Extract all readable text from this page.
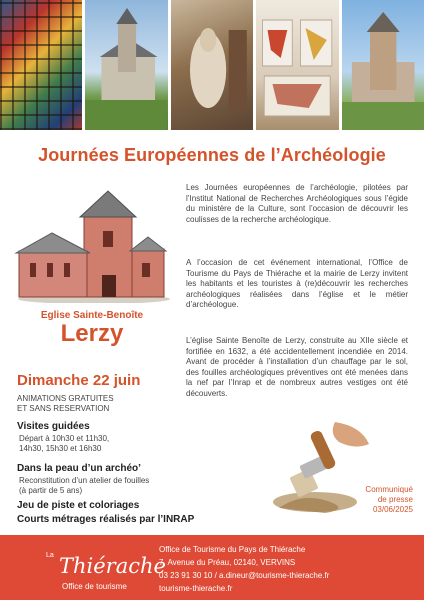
Journées Européennes de l’Archéologie
Eglise Sainte-Benoîte
Lerzy
Dimanche 22 juin
ANIMATIONS GRATUITES
ET SANS RESERVATION
Visites guidées
Départ à 10h30 et 11h30,
14h30, 15h30 et 16h30
Dans la peau d’un archéo’
Reconstitution d’un atelier de fouilles
(à partir de 5 ans)
Jeu de piste et coloriages
Courts métrages réalisés par l’INRAP
Les Journées européennes de l’archéologie, pilotées par l’Institut National de Recherches Archéologiques sous l’égide du ministère de la Culture, sont l’occasion de découvrir les coulisses de la recherche archéologique.
A l’occasion de cet événement international, l’Office de Tourisme du Pays de Thiérache et la mairie de Lerzy invitent les habitants et les touristes à (re)découvrir les recherches archéologiques réalisées dans l’église et le métier d’archéologue.
L’église Sainte Benoîte de Lerzy, construite au XIIe siècle et fortifiée en 1632, a été accidentellement incendiée en 2014. Avant de procéder à l’installation d’un chauffage par le sol, des fouilles archéologiques préventives ont été menées dans la nef par l’Inrap et de nombreux autres vestiges ont été découverts.
Communiqué
de presse
03/06/2025
La Thiérache
Office de tourisme
Office de Tourisme du Pays de Thiérache
7, Avenue du Préau, 02140, VERVINS
03 23 91 30 10 / a.dineur@tourisme-thierache.fr
tourisme-thierache.fr
